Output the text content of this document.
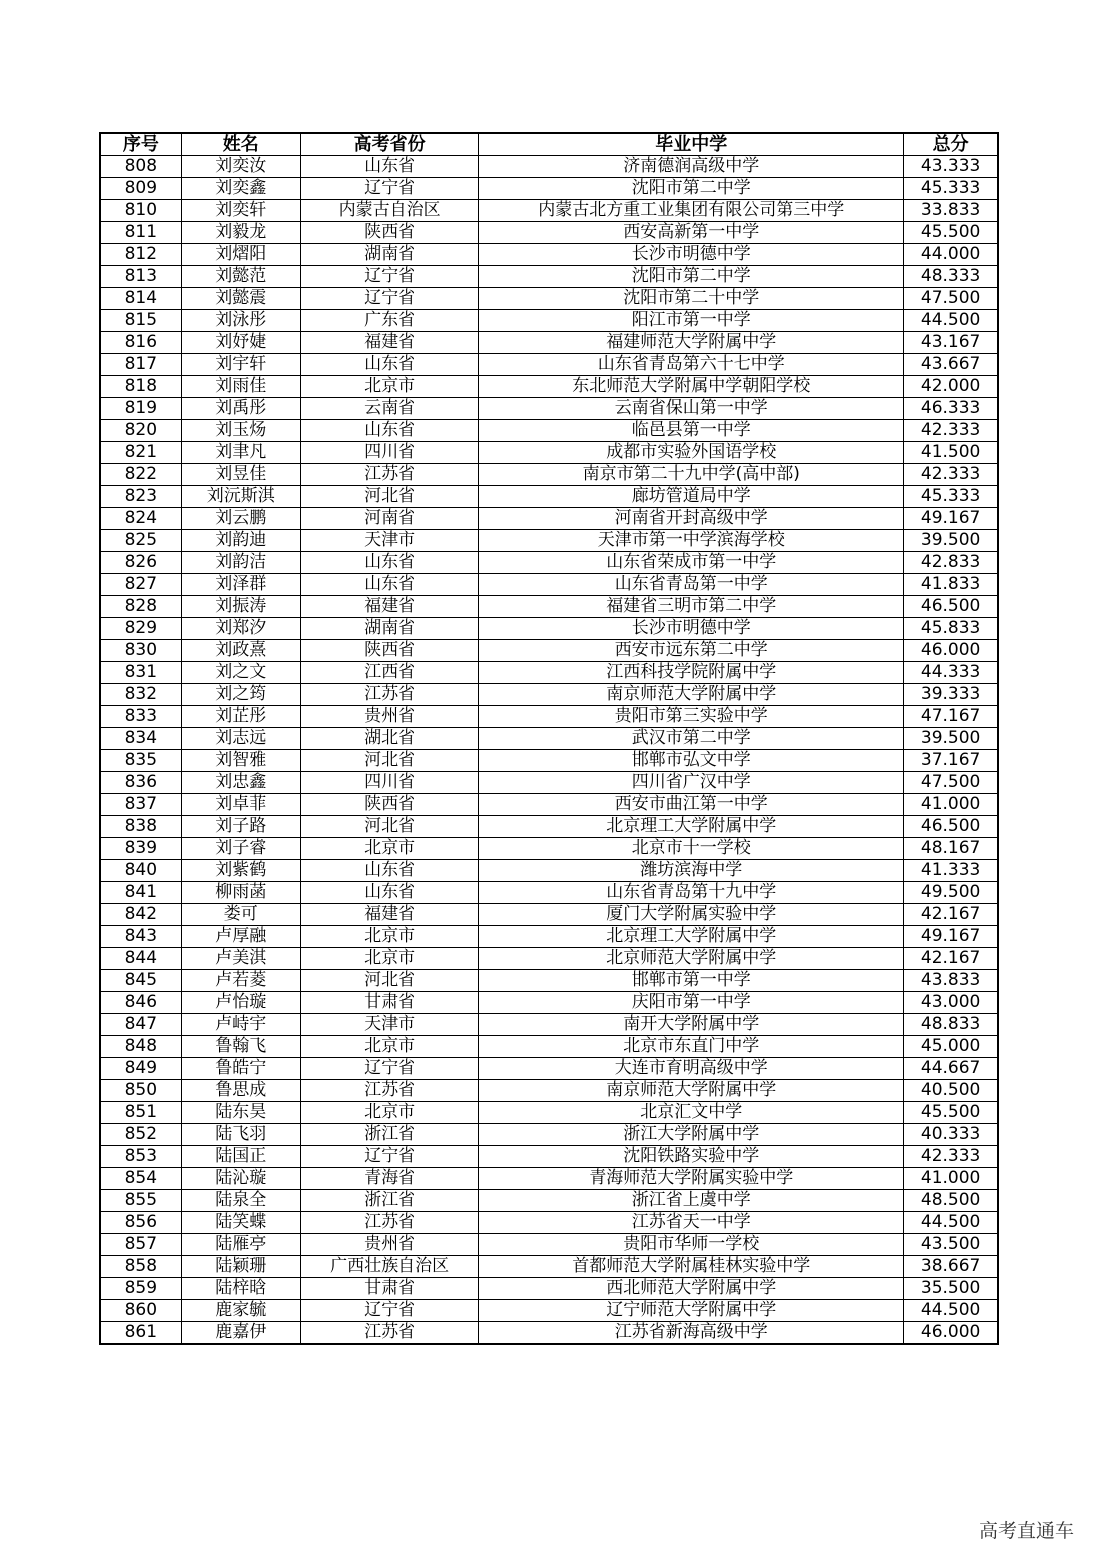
序号	姓名	高考省份	毕业中学	总分
808	刘奕汝	山东省	济南德润高级中学	43.333
809	刘奕鑫	辽宁省	沈阳市第二中学	45.333
810	刘奕轩	内蒙古自治区	内蒙古北方重工业集团有限公司第三中学	33.833
811	刘毅龙	陕西省	西安高新第一中学	45.500
812	刘熠阳	湖南省	长沙市明德中学	44.000
813	刘懿范	辽宁省	沈阳市第二中学	48.333
814	刘懿震	辽宁省	沈阳市第二十中学	47.500
815	刘泳彤	广东省	阳江市第一中学	44.500
816	刘妤婕	福建省	福建师范大学附属中学	43.167
817	刘宇轩	山东省	山东省青岛第六十七中学	43.667
818	刘雨佳	北京市	东北师范大学附属中学朝阳学校	42.000
819	刘禹彤	云南省	云南省保山第一中学	46.333
820	刘玉炀	山东省	临邑县第一中学	42.333
821	刘聿凡	四川省	成都市实验外国语学校	41.500
822	刘昱佳	江苏省	南京市第二十九中学(高中部)	42.333
823	刘沅斯淇	河北省	廊坊管道局中学	45.333
824	刘云鹏	河南省	河南省开封高级中学	49.167
825	刘韵迪	天津市	天津市第一中学滨海学校	39.500
826	刘韵洁	山东省	山东省荣成市第一中学	42.833
827	刘泽群	山东省	山东省青岛第一中学	41.833
828	刘振涛	福建省	福建省三明市第二中学	46.500
829	刘郑汐	湖南省	长沙市明德中学	45.833
830	刘政熹	陕西省	西安市远东第二中学	46.000
831	刘之文	江西省	江西科技学院附属中学	44.333
832	刘之筠	江苏省	南京师范大学附属中学	39.333
833	刘芷彤	贵州省	贵阳市第三实验中学	47.167
834	刘志远	湖北省	武汉市第二中学	39.500
835	刘智雅	河北省	邯郸市弘文中学	37.167
836	刘忠鑫	四川省	四川省广汉中学	47.500
837	刘卓菲	陕西省	西安市曲江第一中学	41.000
838	刘子路	河北省	北京理工大学附属中学	46.500
839	刘子睿	北京市	北京市十一学校	48.167
840	刘紫鹤	山东省	潍坊滨海中学	41.333
841	柳雨菡	山东省	山东省青岛第十九中学	49.500
842	娄可	福建省	厦门大学附属实验中学	42.167
843	卢厚融	北京市	北京理工大学附属中学	49.167
844	卢美淇	北京市	北京师范大学附属中学	42.167
845	卢若菱	河北省	邯郸市第一中学	43.833
846	卢怡璇	甘肃省	庆阳市第一中学	43.000
847	卢峙宇	天津市	南开大学附属中学	48.833
848	鲁翰飞	北京市	北京市东直门中学	45.000
849	鲁皓宁	辽宁省	大连市育明高级中学	44.667
850	鲁思成	江苏省	南京师范大学附属中学	40.500
851	陆东昊	北京市	北京汇文中学	45.500
852	陆飞羽	浙江省	浙江大学附属中学	40.333
853	陆国正	辽宁省	沈阳铁路实验中学	42.333
854	陆沁璇	青海省	青海师范大学附属实验中学	41.000
855	陆泉全	浙江省	浙江省上虞中学	48.500
856	陆笑蝶	江苏省	江苏省天一中学	44.500
857	陆雁亭	贵州省	贵阳市华师一学校	43.500
858	陆颖珊	广西壮族自治区	首都师范大学附属桂林实验中学	38.667
859	陆梓晗	甘肃省	西北师范大学附属中学	35.500
860	鹿家毓	辽宁省	辽宁师范大学附属中学	44.500
861	鹿嘉伊	江苏省	江苏省新海高级中学	46.000
高考直通车
